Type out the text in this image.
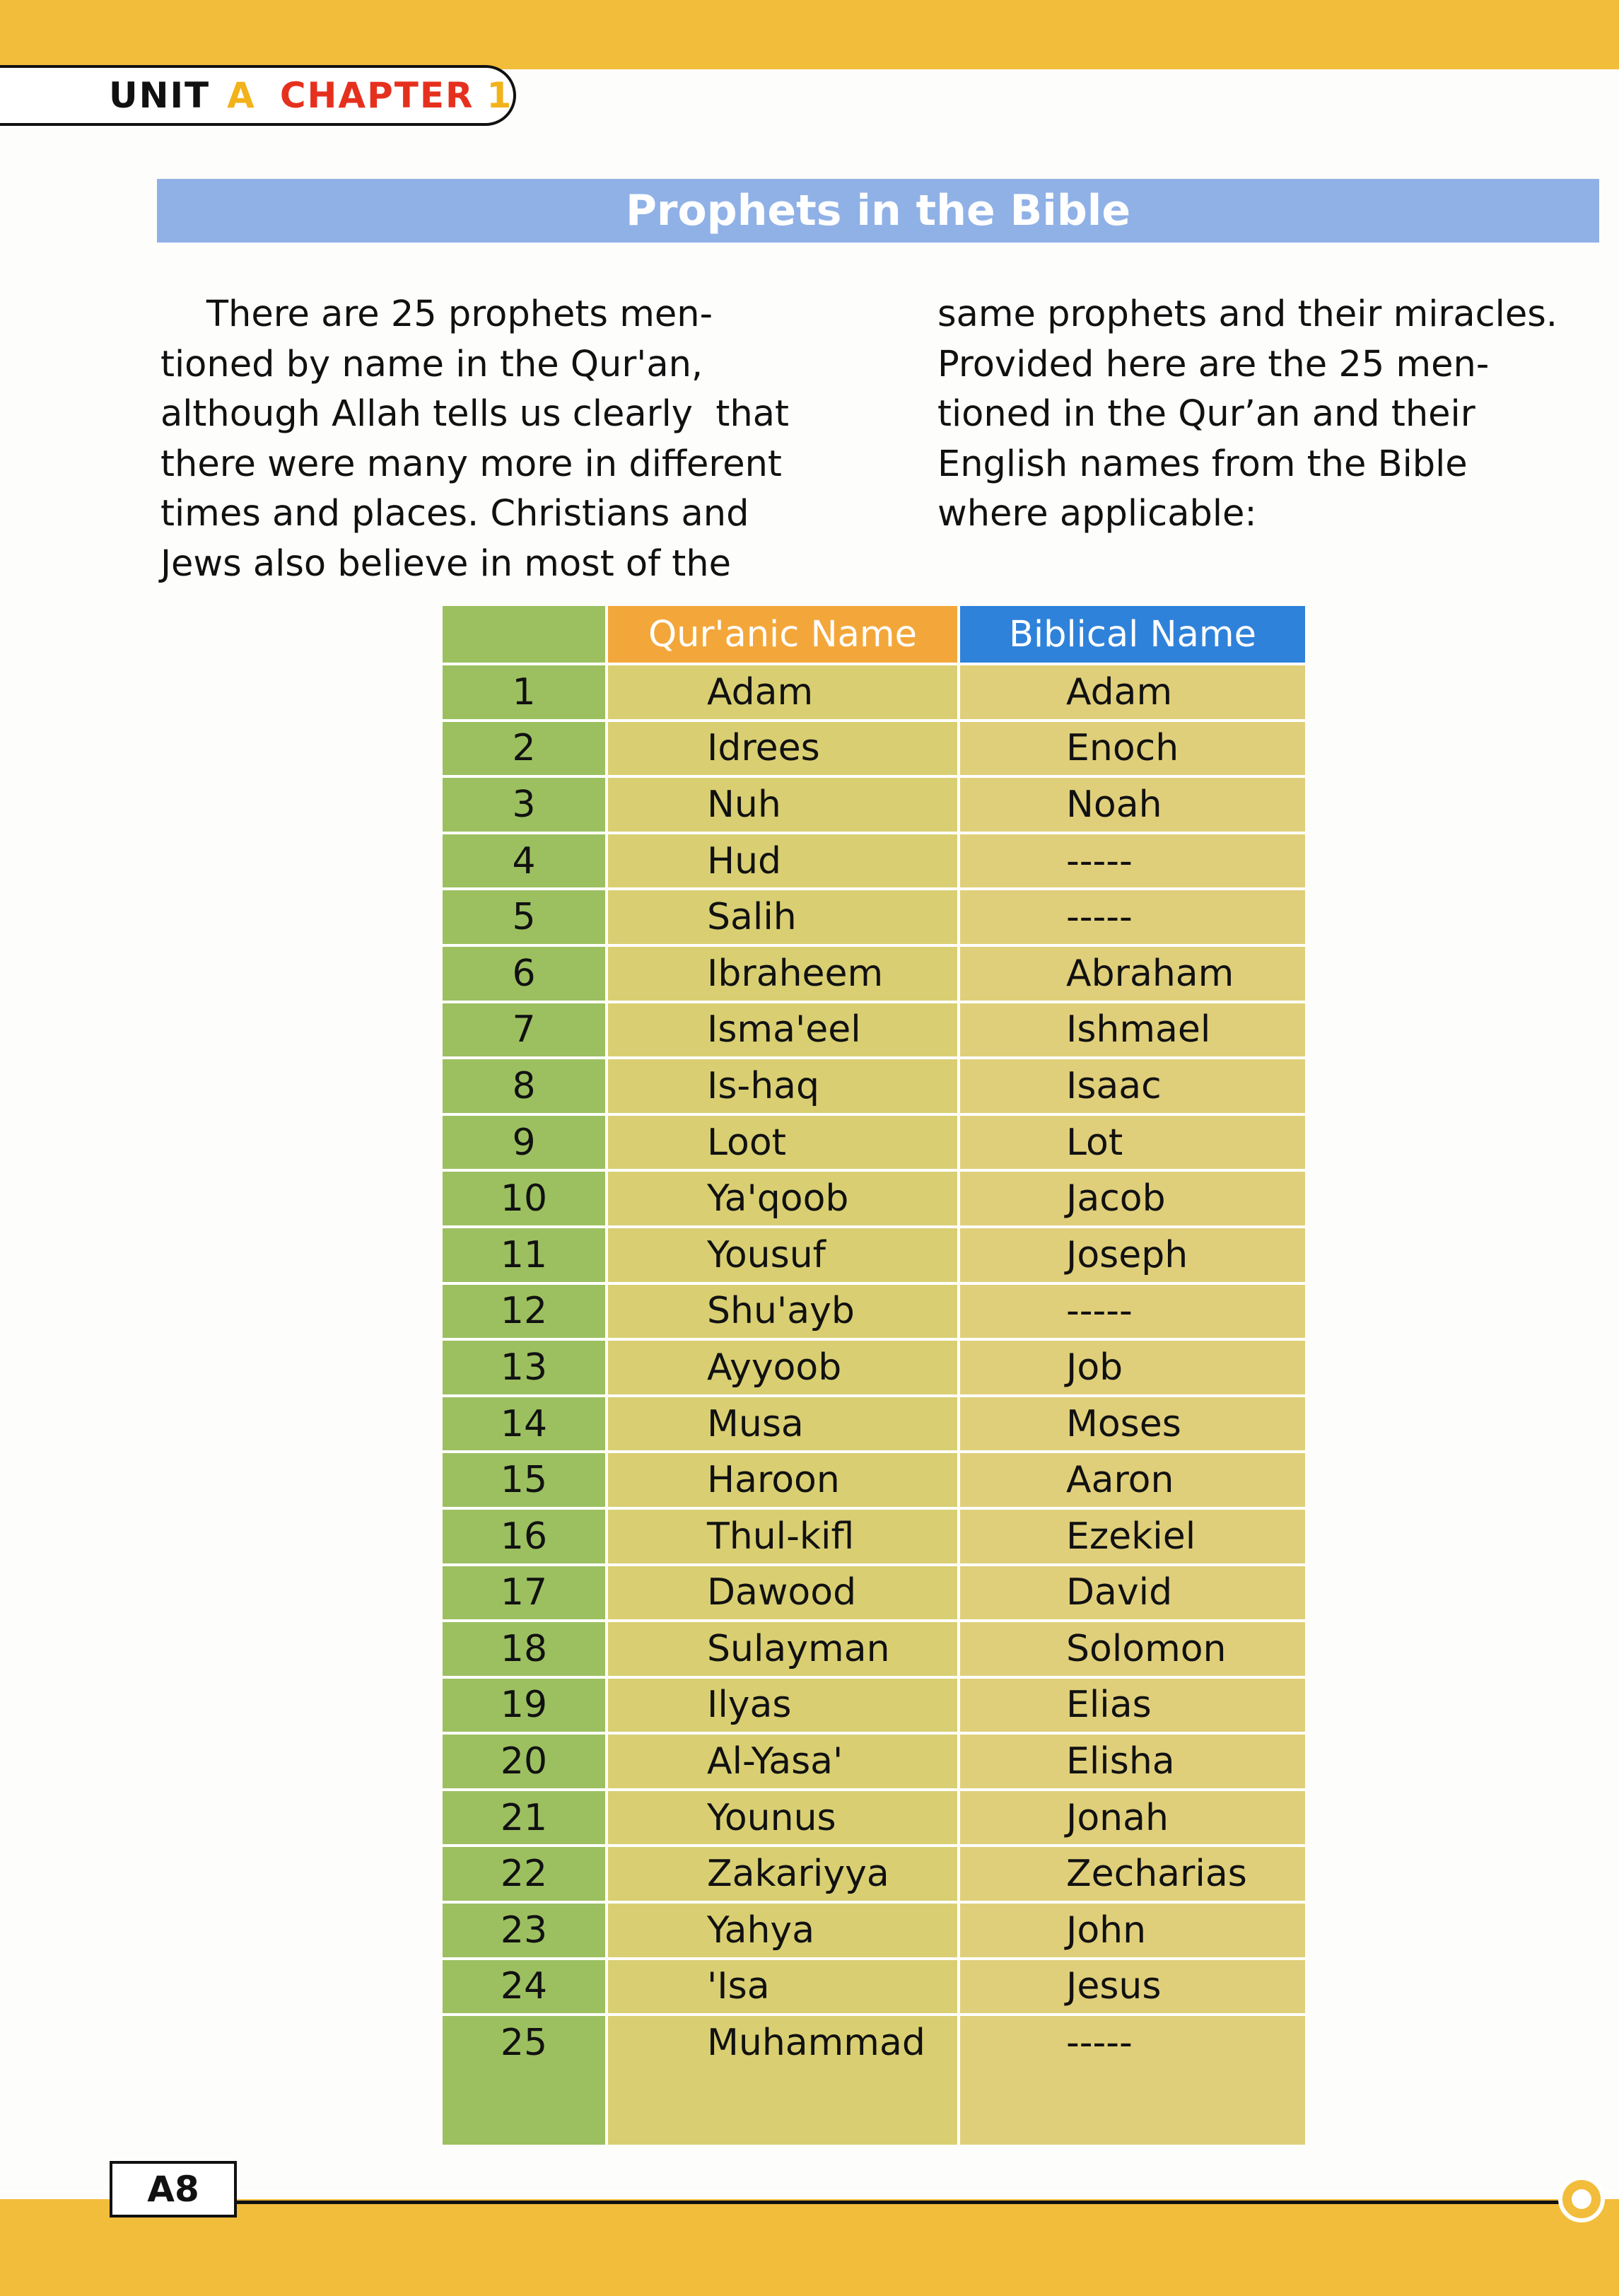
UNIT A CHAPTER 1
Prophets in the Bible
There are 25 prophets men-
tioned by name in the Qur'an,
although Allah tells us clearly  that
there were many more in different
times and places. Christians and
Jews also believe in most of the
same prophets and their miracles.
Provided here are the 25 men-
tioned in the Qur’an and their
English names from the Bible
where applicable:
Qur'anic Name	Biblical Name
1	Adam	Adam
2	Idrees	Enoch
3	Nuh	Noah
4	Hud	-----
5	Salih	-----
6	Ibraheem	Abraham
7	Isma'eel	Ishmael
8	Is-haq	Isaac
9	Loot	Lot
10	Ya'qoob	Jacob
11	Yousuf	Joseph
12	Shu'ayb	-----
13	Ayyoob	Job
14	Musa	Moses
15	Haroon	Aaron
16	Thul-kifl	Ezekiel
17	Dawood	David
18	Sulayman	Solomon
19	Ilyas	Elias
20	Al-Yasa'	Elisha
21	Younus	Jonah
22	Zakariyya	Zecharias
23	Yahya	John
24	'Isa	Jesus
25	Muhammad	-----
A8
